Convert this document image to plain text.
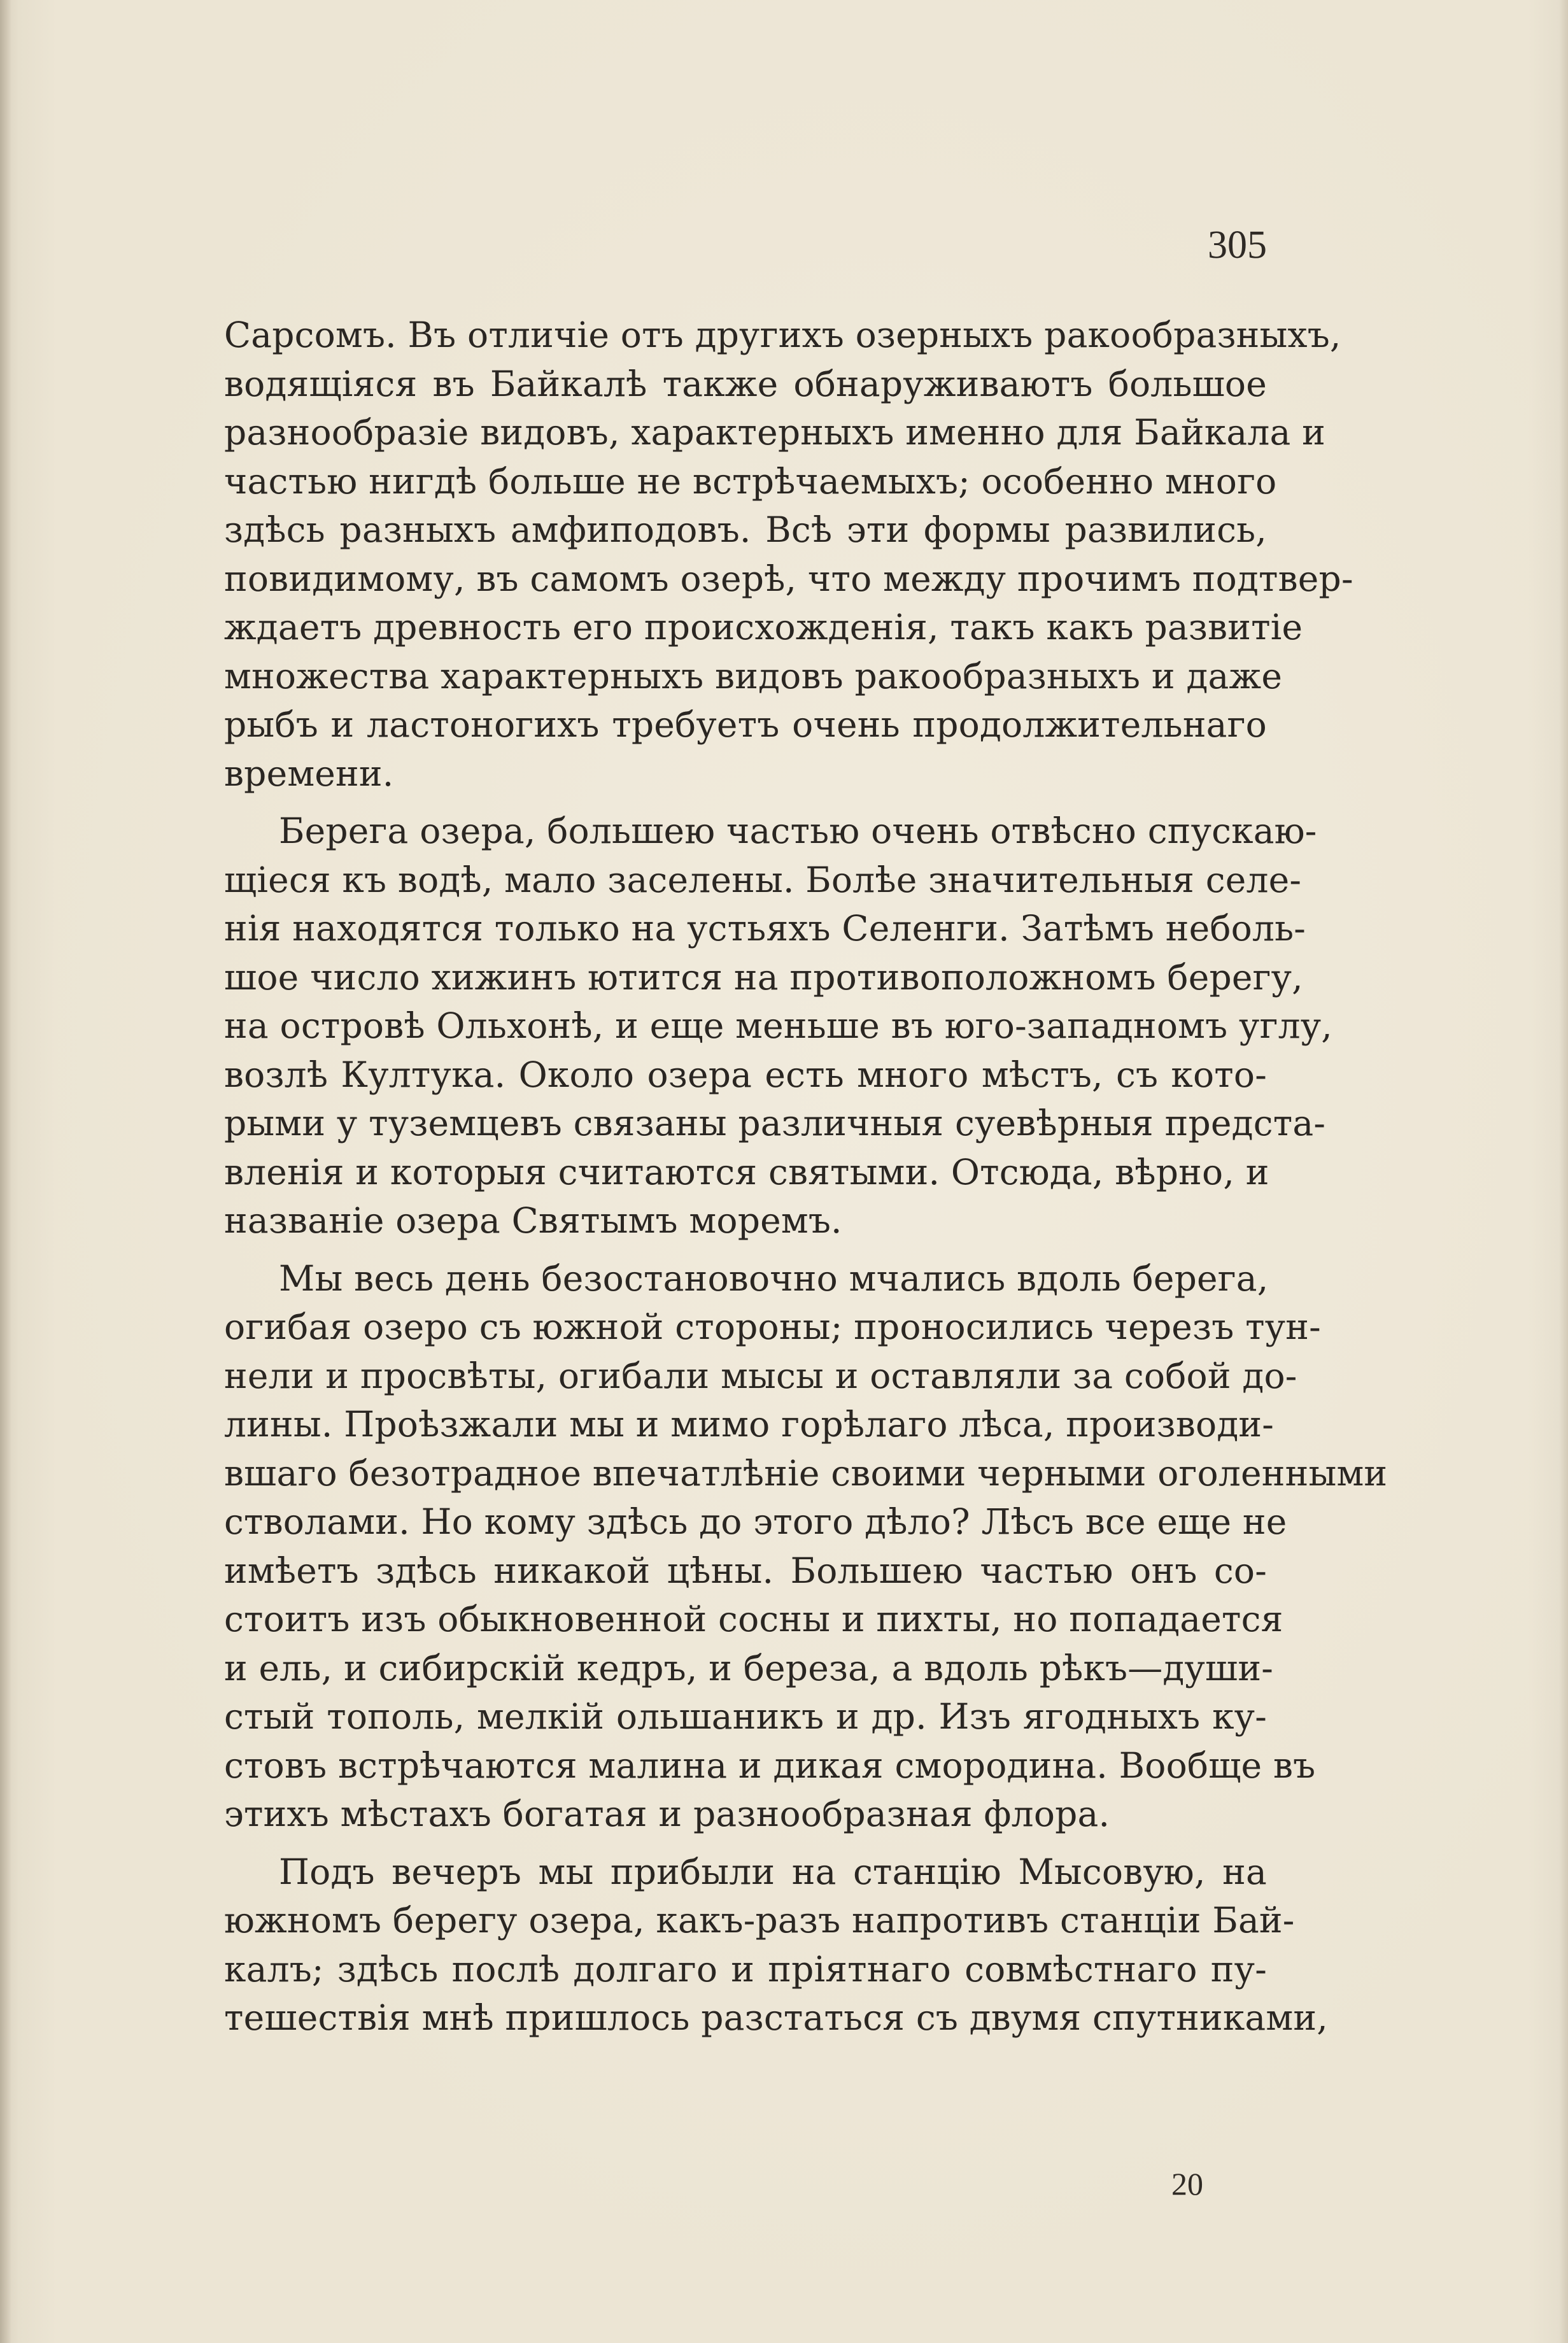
305
Сарсомъ. Въ отличіе отъ другихъ озерныхъ ракообразныхъ,
водящіяся въ Байкалѣ также обнаруживаютъ большое
разнообразіе видовъ, характерныхъ именно для Байкала и
частью нигдѣ больше не встрѣчаемыхъ; особенно много
здѣсь разныхъ амфиподовъ. Всѣ эти формы развились,
повидимому, въ самомъ озерѣ, что между прочимъ подтвер-
ждаетъ древность его происхожденія, такъ какъ развитіе
множества характерныхъ видовъ ракообразныхъ и даже
рыбъ и ластоногихъ требуетъ очень продолжительнаго
времени.
Берега озера, большею частью очень отвѣсно спускаю-
щіеся къ водѣ, мало заселены. Болѣе значительныя селе-
нія находятся только на устьяхъ Селенги. Затѣмъ неболь-
шое число хижинъ ютится на противоположномъ берегу,
на островѣ Ольхонѣ, и еще меньше въ юго-западномъ углу,
возлѣ Култука. Около озера есть много мѣстъ, съ кото-
рыми у туземцевъ связаны различныя суевѣрныя предста-
вленія и которыя считаются святыми. Отсюда, вѣрно, и
названіе озера Святымъ моремъ.
Мы весь день безостановочно мчались вдоль берега,
огибая озеро съ южной стороны; проносились черезъ тун-
нели и просвѣты, огибали мысы и оставляли за собой до-
лины. Проѣзжали мы и мимо горѣлаго лѣса, производи-
вшаго безотрадное впечатлѣніе своими черными оголенными
стволами. Но кому здѣсь до этого дѣло? Лѣсъ все еще не
имѣетъ здѣсь никакой цѣны. Большею частью онъ со-
стоитъ изъ обыкновенной сосны и пихты, но попадается
и ель, и сибирскій кедръ, и береза, а вдоль рѣкъ—души-
стый тополь, мелкій ольшаникъ и др. Изъ ягодныхъ ку-
стовъ встрѣчаются малина и дикая смородина. Вообще въ
этихъ мѣстахъ богатая и разнообразная флора.
Подъ вечеръ мы прибыли на станцію Мысовую, на
южномъ берегу озера, какъ-разъ напротивъ станціи Бай-
калъ; здѣсь послѣ долгаго и пріятнаго совмѣстнаго пу-
тешествія мнѣ пришлось разстаться съ двумя спутниками,
20
